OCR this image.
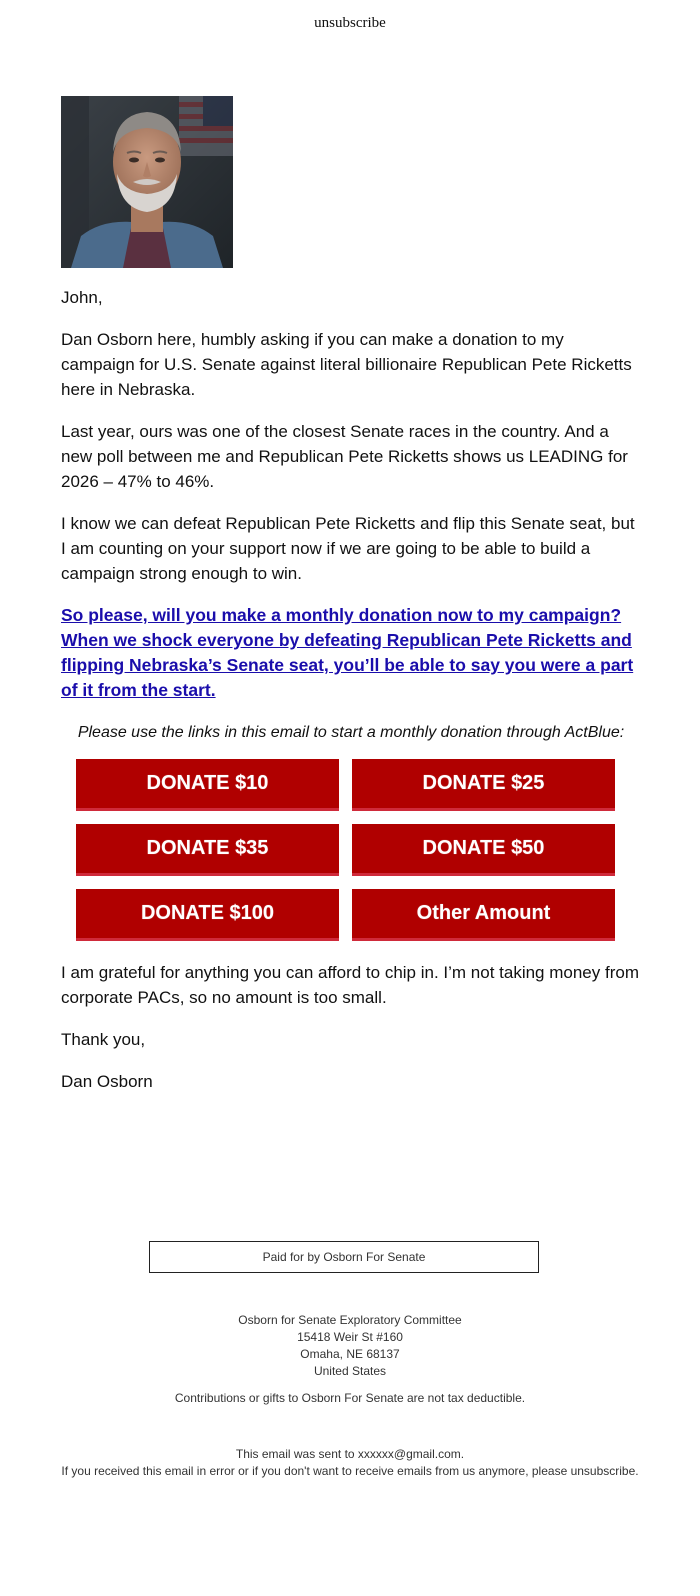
unsubscribe

John,

Dan Osborn here, humbly asking if you can make a donation to my campaign for U.S. Senate against literal billionaire Republican Pete Ricketts here in Nebraska.

Last year, ours was one of the closest Senate races in the country. And a new poll between me and Republican Pete Ricketts shows us LEADING for 2026 – 47% to 46%.

I know we can defeat Republican Pete Ricketts and flip this Senate seat, but I am counting on your support now if we are going to be able to build a campaign strong enough to win.

So please, will you make a monthly donation now to my campaign? When we shock everyone by defeating Republican Pete Ricketts and flipping Nebraska’s Senate seat, you’ll be able to say you were a part of it from the start.

Please use the links in this email to start a monthly donation through ActBlue:

DONATE $10	DONATE $25
DONATE $35	DONATE $50
DONATE $100	Other Amount

I am grateful for anything you can afford to chip in. I’m not taking money from corporate PACs, so no amount is too small.

Thank you,

Dan Osborn

Paid for by Osborn For Senate
Osborn for Senate Exploratory Committee
15418 Weir St #160
Omaha, NE 68137
United States
Contributions or gifts to Osborn For Senate are not tax deductible.
This email was sent to xxxxxx@gmail.com.
If you received this email in error or if you don't want to receive emails from us anymore, please unsubscribe.
